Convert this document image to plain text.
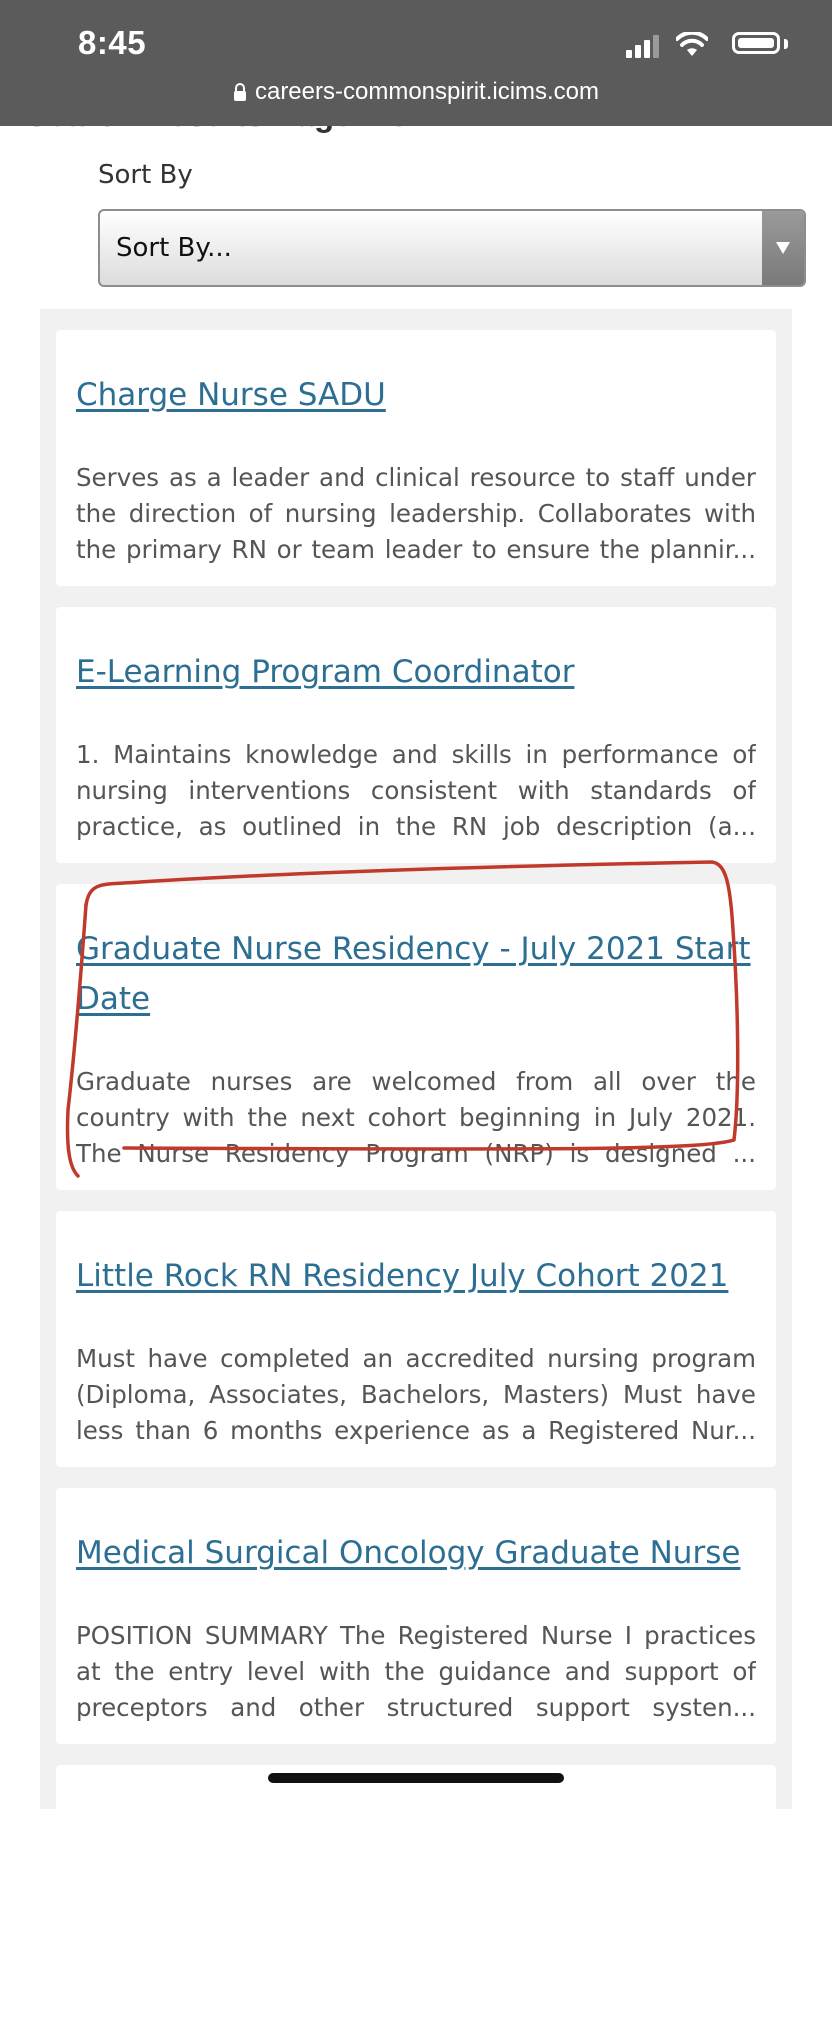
8:45
careers-commonspirit.icims.com
Sort By
Sort By...
Charge Nurse SADU
Serves as a leader and clinical resource to staff under the direction of nursing leadership. Collaborates with the primary RN or team leader to ensure the plannir...
E-Learning Program Coordinator
1. Maintains knowledge and skills in performance of nursing interventions consistent with standards of practice, as outlined in the RN job description (a...
Graduate Nurse Residency - July 2021 Start Date
Graduate nurses are welcomed from all over the country with the next cohort beginning in July 2021. The Nurse Residency Program (NRP) is designed ...
Little Rock RN Residency July Cohort 2021
Must have completed an accredited nursing program (Diploma, Associates, Bachelors, Masters) Must have less than 6 months experience as a Registered Nur...
Medical Surgical Oncology Graduate Nurse
POSITION SUMMARY The Registered Nurse I practices at the entry level with the guidance and support of preceptors and other structured support systen...
